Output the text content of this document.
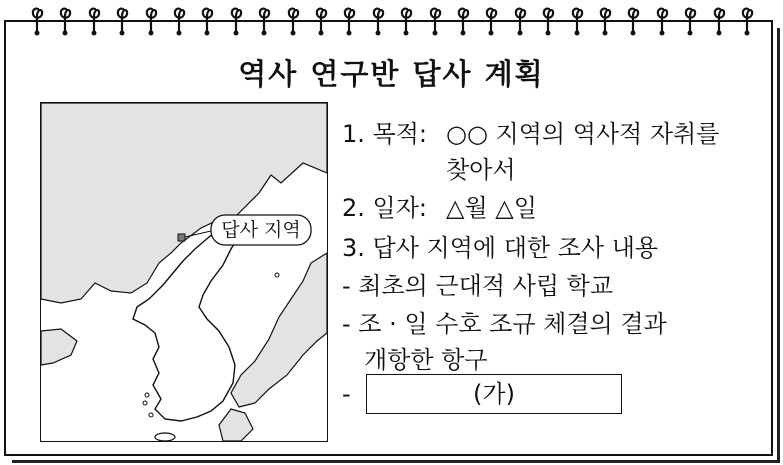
역사 연구반 답사 계획
답사 지역
1. 목적: ○○ 지역의 역사적 자취를
찾아서
2. 일자: △월 △일
3. 답사 지역에 대한 조사 내용
- 최초의 근대적 사립 학교
- 조 · 일 수호 조규 체결의 결과
개항한 항구
-	(가)
